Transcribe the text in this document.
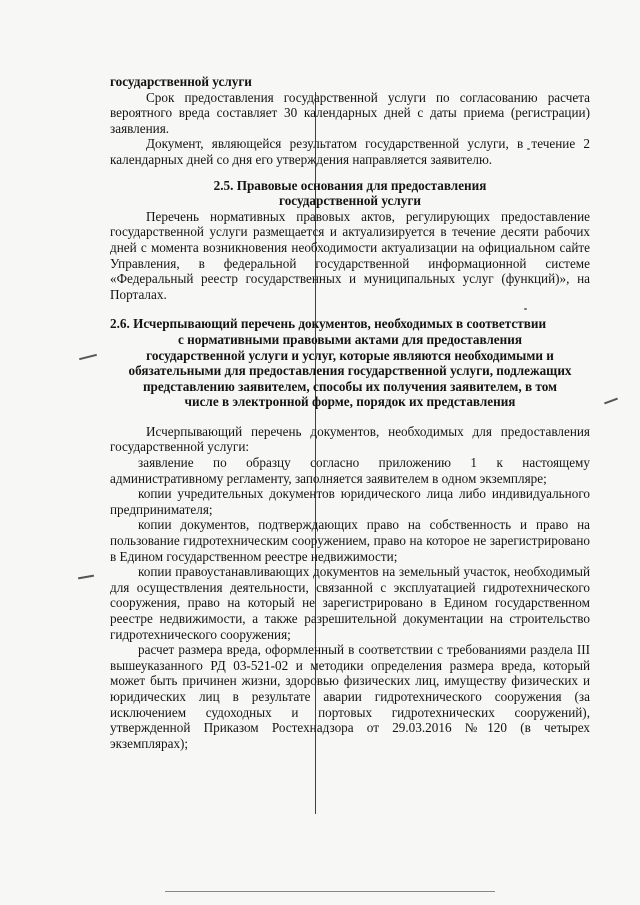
государственной услуги

Срок предоставления государственной услуги по согласованию расчета вероятного вреда составляет 30 календарных дней с даты приема (регистрации) заявления.

Документ, являющейся результатом государственной услуги, в течение 2 календарных дней со дня его утверждения направляется заявителю.

2.5. Правовые основания для предоставления

государственной услуги

Перечень нормативных правовых актов, регулирующих предоставление государственной услуги размещается и актуализируется в течение десяти рабочих дней с момента возникновения необходимости актуализации на официальном сайте Управления, в федеральной государственной информационной системе «Федеральный реестр государственных и муниципальных услуг (функций)», на Порталах.

2.6. Исчерпывающий перечень документов, необходимых в соответствии

с нормативными правовыми актами для предоставления

государственной услуги и услуг, которые являются необходимыми и

обязательными для предоставления государственной услуги, подлежащих

представлению заявителем, способы их получения заявителем, в том

числе в электронной форме, порядок их представления

Исчерпывающий перечень документов, необходимых для предоставления государственной услуги:

заявление по образцу согласно приложению 1 к настоящему административному регламенту, заполняется заявителем в одном экземпляре;

копии учредительных документов юридического лица либо индивидуального предпринимателя;

копии документов, подтверждающих право на собственность и право на пользование гидротехническим сооружением, право на которое не зарегистрировано в Едином государственном реестре недвижимости;

копии правоустанавливающих документов на земельный участок, необходимый для осуществления деятельности, связанной с эксплуатацией гидротехнического сооружения, право на который не зарегистрировано в Едином государственном реестре недвижимости, а также разрешительной документации на строительство гидротехнического сооружения;

расчет размера вреда, оформленный в соответствии с требованиями раздела III вышеуказанного РД 03-521-02 и методики определения размера вреда, который может быть причинен жизни, здоровью физических лиц, имуществу физических и юридических лиц в результате аварии гидротехнического сооружения (за исключением судоходных и портовых гидротехнических сооружений), утвержденной Приказом Ростехнадзора от 29.03.2016 №120 (в четырех экземплярах);
